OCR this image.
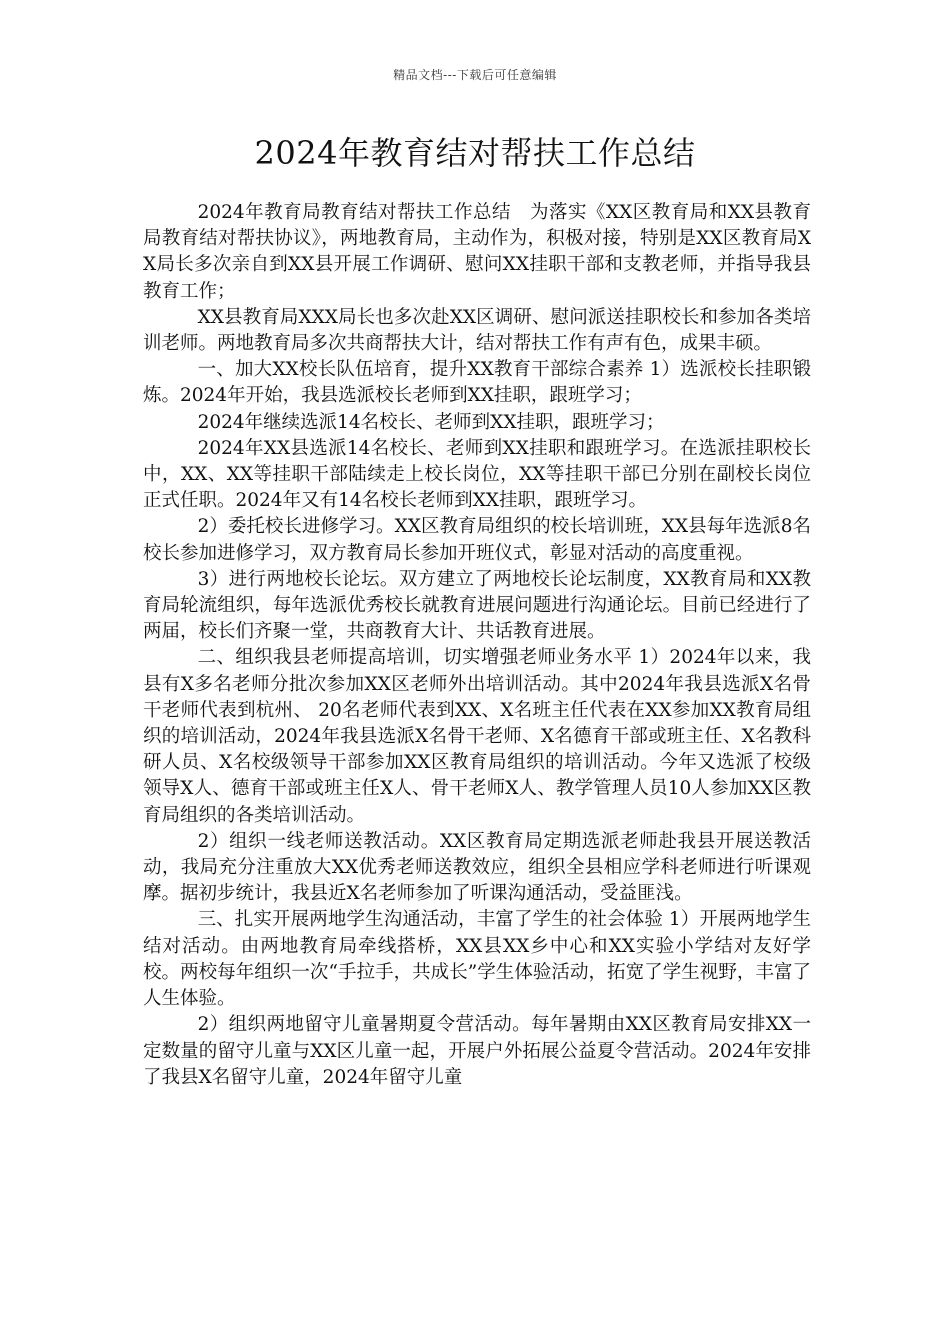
精品文档---下载后可任意编辑
2024年教育结对帮扶工作总结

2024年教育局教育结对帮扶工作总结　为落实《XX区教育局和XX县教育局教育结对帮扶协议》，两地教育局，主动作为，积极对接，特别是XX区教育局XX局长多次亲自到XX县开展工作调研、慰问XX挂职干部和支教老师，并指导我县教育工作；

XX县教育局XXX局长也多次赴XX区调研、慰问派送挂职校长和参加各类培训老师。两地教育局多次共商帮扶大计，结对帮扶工作有声有色，成果丰硕。

一、加大XX校长队伍培育，提升XX教育干部综合素养 1）选派校长挂职锻炼。2024年开始，我县选派校长老师到XX挂职，跟班学习；

2024年继续选派14名校长、老师到XX挂职，跟班学习；

2024年XX县选派14名校长、老师到XX挂职和跟班学习。在选派挂职校长中，XX、XX等挂职干部陆续走上校长岗位，XX等挂职干部已分别在副校长岗位正式任职。2024年又有14名校长老师到XX挂职，跟班学习。

2）委托校长进修学习。XX区教育局组织的校长培训班，XX县每年选派8名校长参加进修学习，双方教育局长参加开班仪式，彰显对活动的高度重视。

3）进行两地校长论坛。双方建立了两地校长论坛制度，XX教育局和XX教育局轮流组织，每年选派优秀校长就教育进展问题进行沟通论坛。目前已经进行了两届，校长们齐聚一堂，共商教育大计、共话教育进展。

二、组织我县老师提高培训，切实增强老师业务水平 1）2024年以来，我县有X多名老师分批次参加XX区老师外出培训活动。其中2024年我县选派X名骨干老师代表到杭州、 20名老师代表到XX、X名班主任代表在XX参加XX教育局组织的培训活动，2024年我县选派X名骨干老师、X名德育干部或班主任、X名教科研人员、X名校级领导干部参加XX区教育局组织的培训活动。今年又选派了校级领导X人、德育干部或班主任X人、骨干老师X人、教学管理人员10人参加XX区教育局组织的各类培训活动。

2）组织一线老师送教活动。XX区教育局定期选派老师赴我县开展送教活动，我局充分注重放大XX优秀老师送教效应，组织全县相应学科老师进行听课观摩。据初步统计，我县近X名老师参加了听课沟通活动，受益匪浅。

三、扎实开展两地学生沟通活动，丰富了学生的社会体验 1）开展两地学生结对活动。由两地教育局牵线搭桥，XX县XX乡中心和XX实验小学结对友好学校。两校每年组织一次“手拉手，共成长”学生体验活动，拓宽了学生视野，丰富了人生体验。

2）组织两地留守儿童暑期夏令营活动。每年暑期由XX区教育局安排XX一定数量的留守儿童与XX区儿童一起，开展户外拓展公益夏令营活动。2024年安排了我县X名留守儿童，2024年留守儿童
